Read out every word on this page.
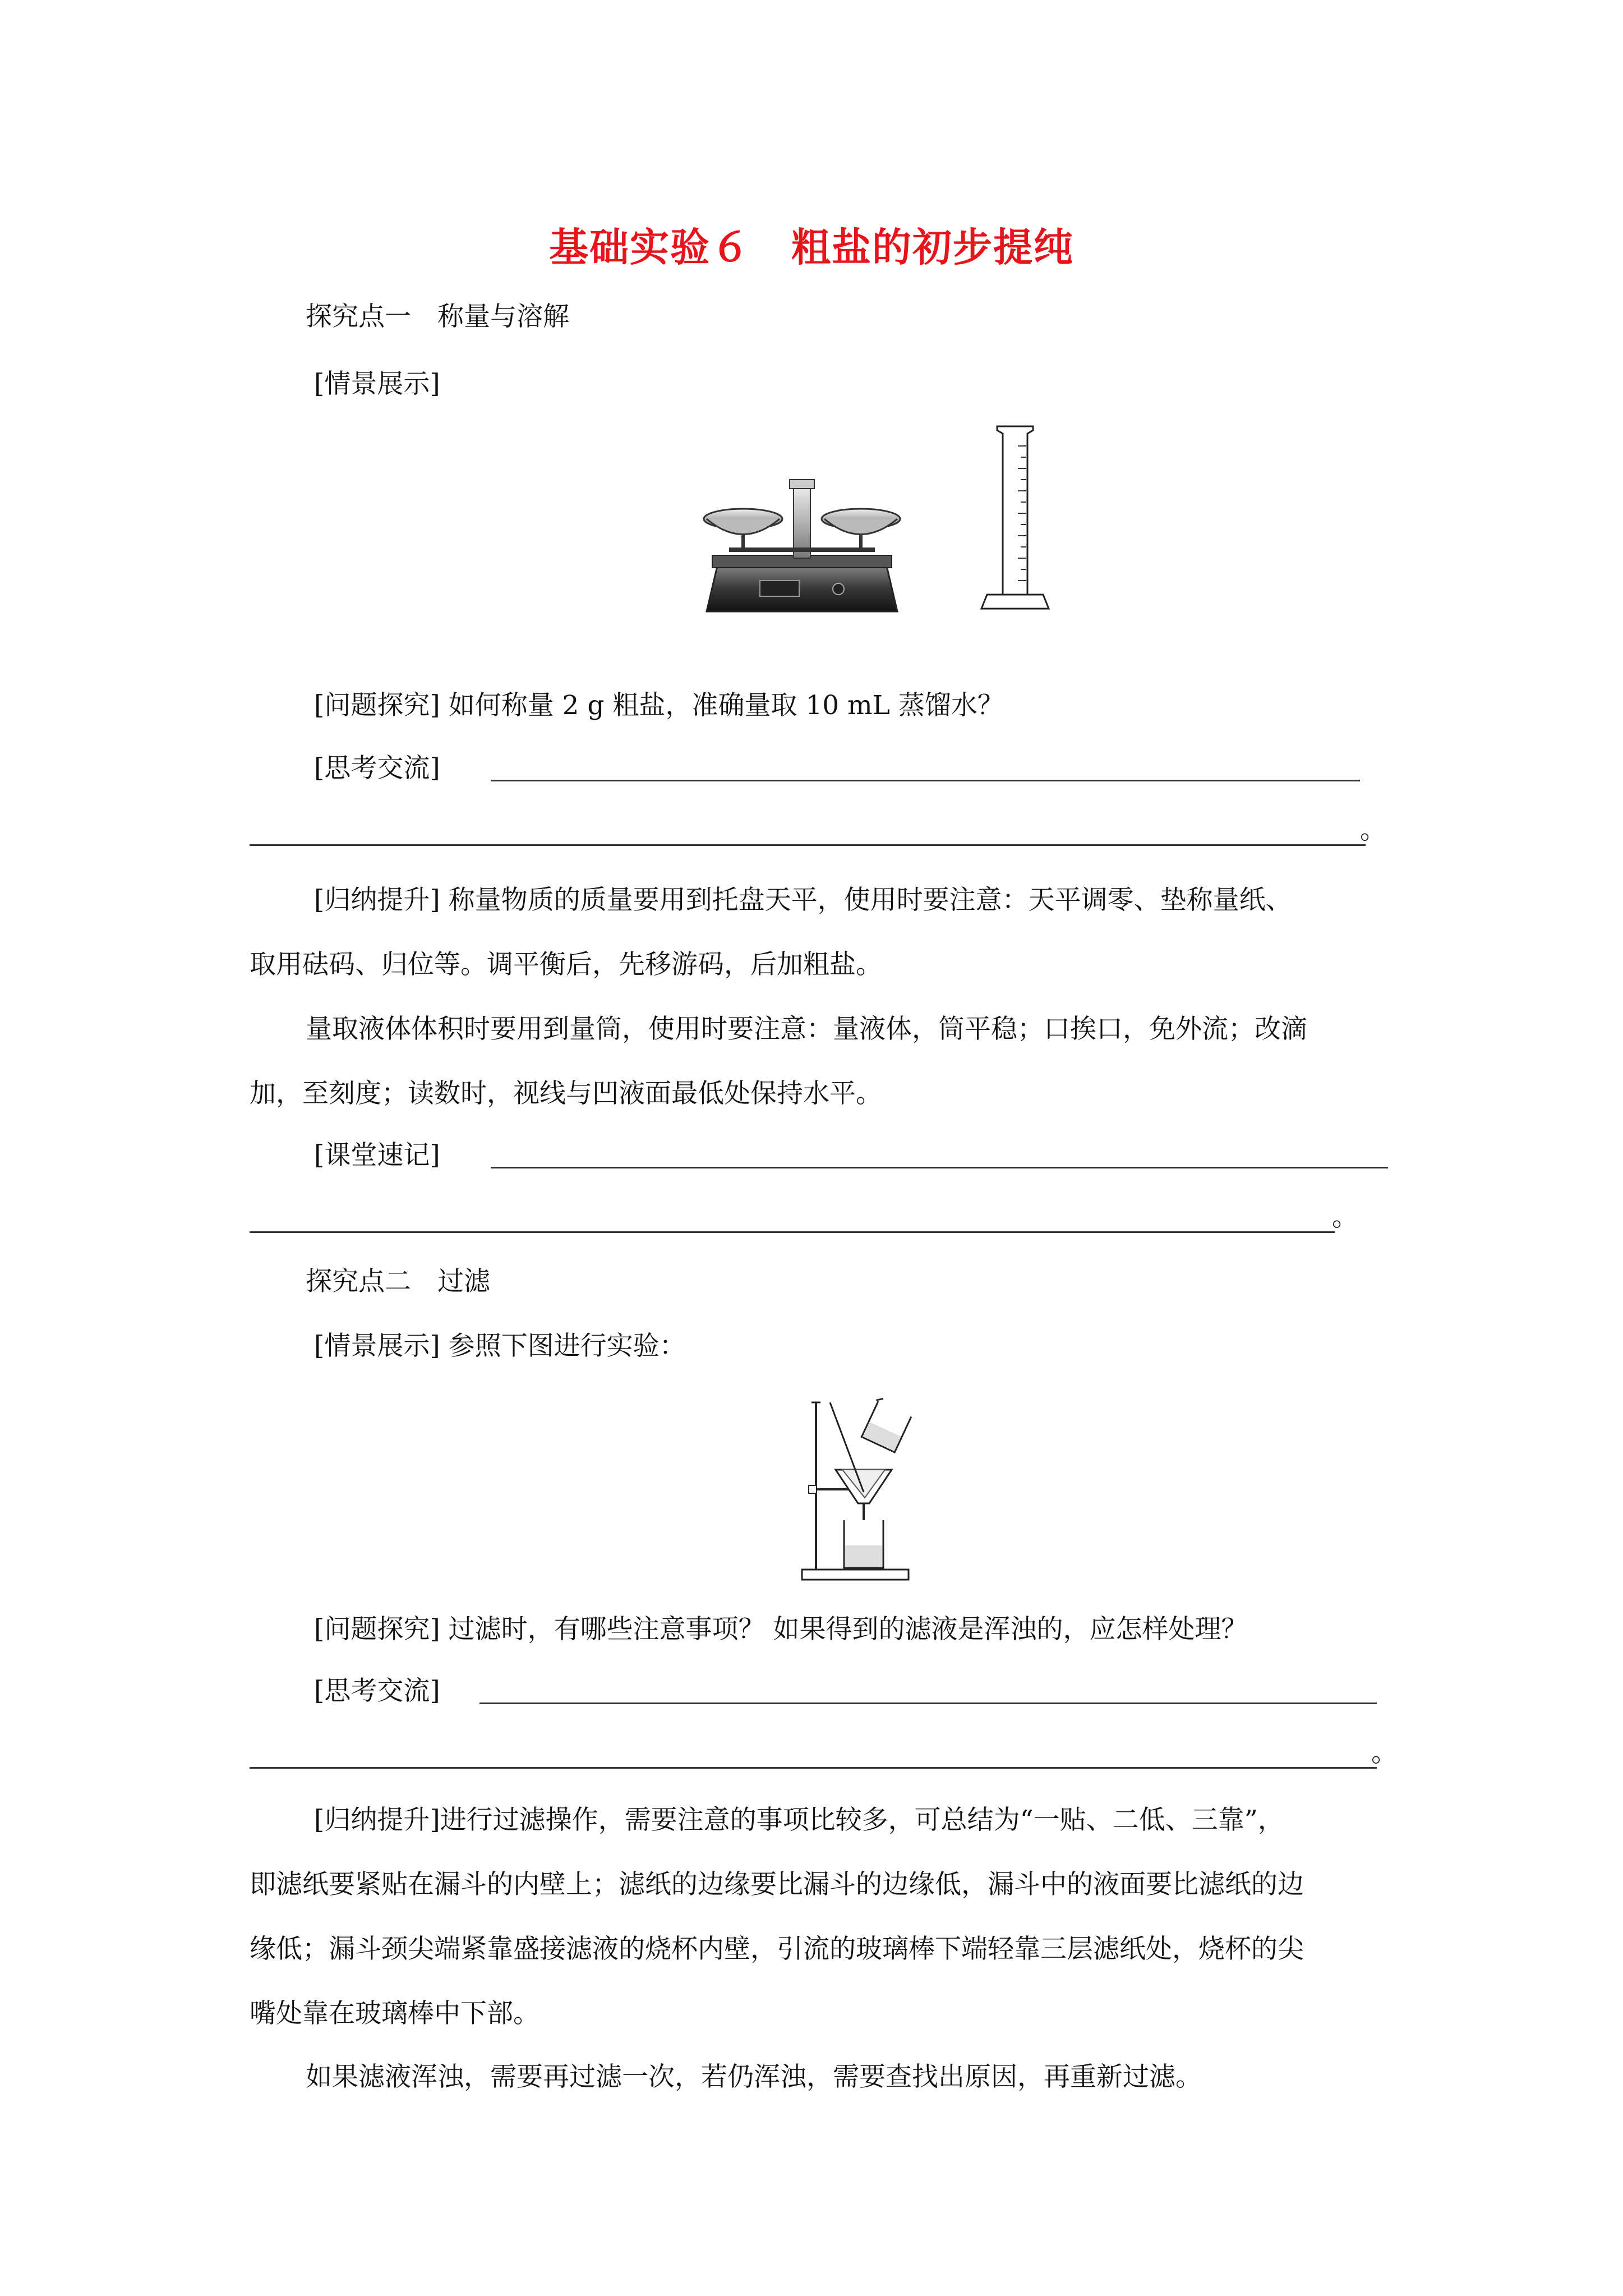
基础实验６　粗盐的初步提纯
探究点一　称量与溶解
[情景展示]
[问题探究] 如何称量 2 g 粗盐，准确量取 10 mL 蒸馏水？
[思考交流]
。
[归纳提升] 称量物质的质量要用到托盘天平，使用时要注意：天平调零、垫称量纸、
取用砝码、归位等。调平衡后，先移游码，后加粗盐。
量取液体体积时要用到量筒，使用时要注意：量液体，筒平稳；口挨口，免外流；改滴
加，至刻度；读数时，视线与凹液面最低处保持水平。
[课堂速记]
。
探究点二　过滤
[情景展示] 参照下图进行实验：
[问题探究] 过滤时，有哪些注意事项？ 如果得到的滤液是浑浊的，应怎样处理？
[思考交流]
。
[归纳提升]进行过滤操作，需要注意的事项比较多，可总结为“一贴、二低、三靠”，
即滤纸要紧贴在漏斗的内壁上；滤纸的边缘要比漏斗的边缘低，漏斗中的液面要比滤纸的边
缘低；漏斗颈尖端紧靠盛接滤液的烧杯内壁，引流的玻璃棒下端轻靠三层滤纸处，烧杯的尖
嘴处靠在玻璃棒中下部。
如果滤液浑浊，需要再过滤一次，若仍浑浊，需要查找出原因，再重新过滤。
